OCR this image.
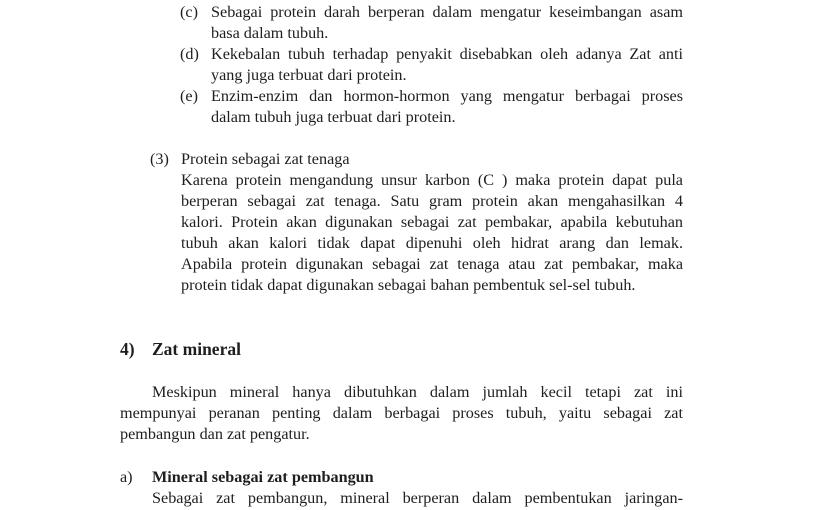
(c) Sebagai protein darah berperan dalam mengatur keseimbangan asam
basa dalam tubuh.
(d) Kekebalan tubuh terhadap penyakit disebabkan oleh adanya Zat anti
yang juga terbuat dari protein.
(e) Enzim-enzim dan hormon-hormon yang mengatur berbagai proses
dalam tubuh juga terbuat dari protein.
(3) Protein sebagai zat tenaga
Karena protein mengandung unsur karbon (C ) maka protein dapat pula
berperan sebagai zat tenaga. Satu gram protein akan mengahasilkan 4
kalori. Protein akan digunakan sebagai zat pembakar, apabila kebutuhan
tubuh akan kalori tidak dapat dipenuhi oleh hidrat arang dan lemak.
Apabila protein digunakan sebagai zat tenaga atau zat pembakar, maka
protein tidak dapat digunakan sebagai bahan pembentuk sel-sel tubuh.
4) Zat mineral
Meskipun mineral hanya dibutuhkan dalam jumlah kecil tetapi zat ini
mempunyai peranan penting dalam berbagai proses tubuh, yaitu sebagai zat
pembangun dan zat pengatur.
a) Mineral sebagai zat pembangun
Sebagai zat pembangun, mineral berperan dalam pembentukan jaringan-
